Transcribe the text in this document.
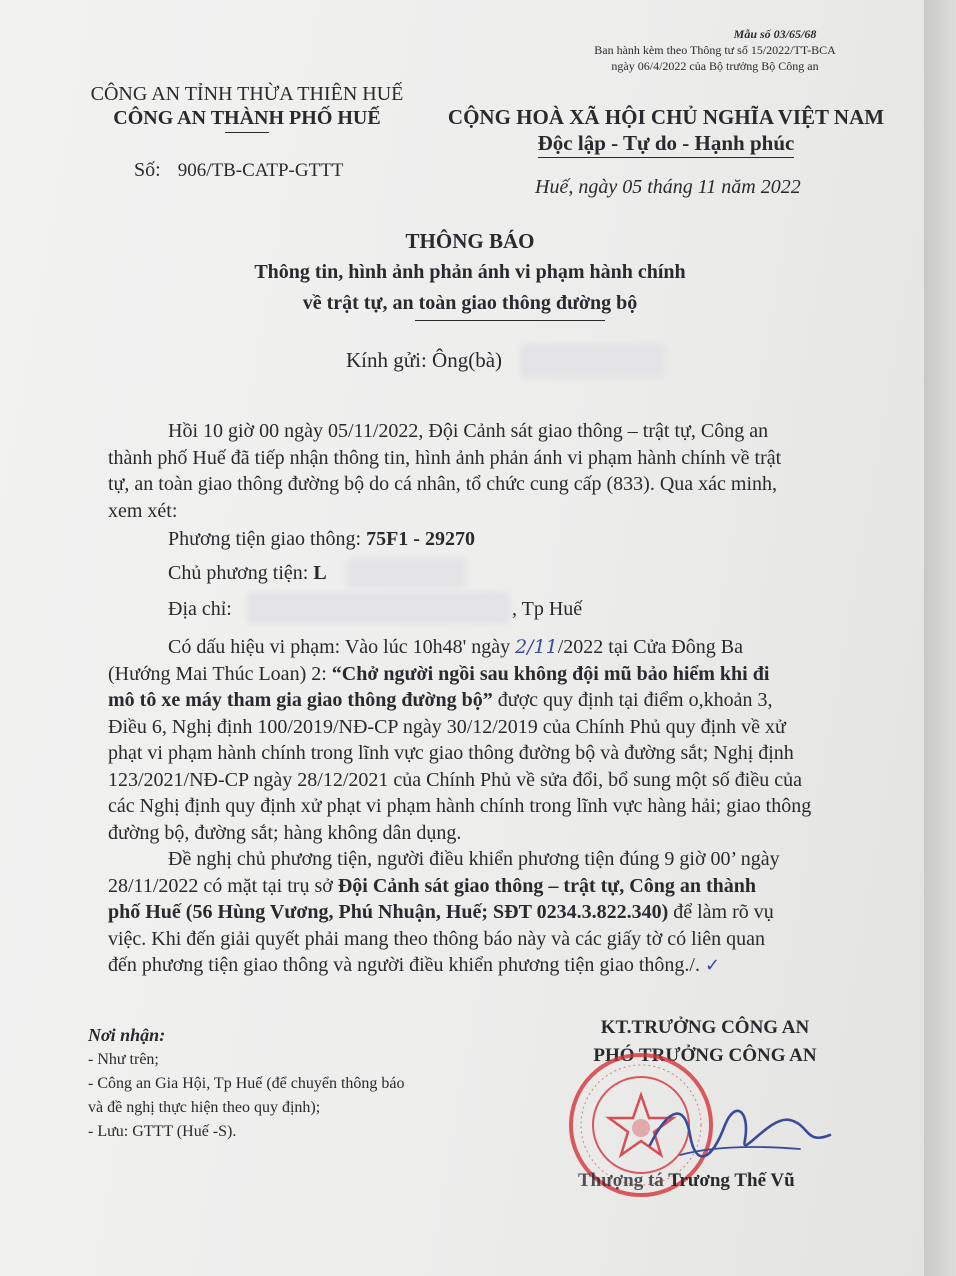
Mẫu số 03/65/68
Ban hành kèm theo Thông tư số 15/2022/TT-BCA
ngày 06/4/2022 của Bộ trưởng Bộ Công an
CÔNG AN TỈNH THỪA THIÊN HUẾ
CÔNG AN THÀNH PHỐ HUẾ
Số: 906/TB-CATP-GTTT
CỘNG HOÀ XÃ HỘI CHỦ NGHĨA VIỆT NAM
Độc lập - Tự do - Hạnh phúc
Huế, ngày 05 tháng 11 năm 2022
THÔNG BÁO
Thông tin, hình ảnh phản ánh vi phạm hành chính
về trật tự, an toàn giao thông đường bộ
Kính gửi: Ông(bà)
Hồi 10 giờ 00 ngày 05/11/2022, Đội Cảnh sát giao thông – trật tự, Công an
thành phố Huế đã tiếp nhận thông tin, hình ảnh phản ánh vi phạm hành chính về trật
tự, an toàn giao thông đường bộ do cá nhân, tổ chức cung cấp (833). Qua xác minh,
xem xét:
Phương tiện giao thông: 75F1 - 29270
Chủ phương tiện: L
Địa chỉ:	, Tp Huế
Có dấu hiệu vi phạm: Vào lúc 10h48' ngày 2/11/2022 tại Cửa Đông Ba
(Hướng Mai Thúc Loan) 2: “Chở người ngồi sau không đội mũ bảo hiểm khi đi
mô tô xe máy tham gia giao thông đường bộ” được quy định tại điểm o,khoản 3,
Điều 6, Nghị định 100/2019/NĐ-CP ngày 30/12/2019 của Chính Phủ quy định về xử
phạt vi phạm hành chính trong lĩnh vực giao thông đường bộ và đường sắt; Nghị định
123/2021/NĐ-CP ngày 28/12/2021 của Chính Phủ về sửa đổi, bổ sung một số điều của
các Nghị định quy định xử phạt vi phạm hành chính trong lĩnh vực hàng hải; giao thông
đường bộ, đường sắt; hàng không dân dụng.
Đề nghị chủ phương tiện, người điều khiển phương tiện đúng 9 giờ 00’ ngày
28/11/2022 có mặt tại trụ sở Đội Cảnh sát giao thông – trật tự, Công an thành
phố Huế (56 Hùng Vương, Phú Nhuận, Huế; SĐT 0234.3.822.340) để làm rõ vụ
việc. Khi đến giải quyết phải mang theo thông báo này và các giấy tờ có liên quan
đến phương tiện giao thông và người điều khiển phương tiện giao thông./. ✓
Nơi nhận:
- Như trên;
- Công an Gia Hội, Tp Huế (để chuyển thông báo
và đề nghị thực hiện theo quy định);
- Lưu: GTTT (Huế -S).
KT.TRƯỞNG CÔNG AN
PHÓ TRƯỞNG CÔNG AN
Thượng tá Trương Thế Vũ
